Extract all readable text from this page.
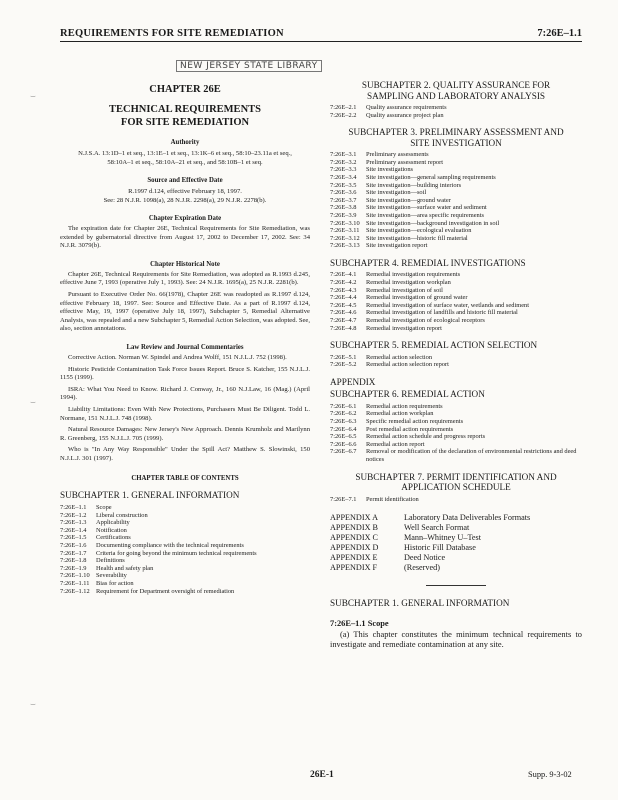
REQUIREMENTS FOR SITE REMEDIATION	7:26E–1.1
NEW JERSEY STATE LIBRARY
⌣
⌣
⌣
CHAPTER 26E
TECHNICAL REQUIREMENTS
FOR SITE REMEDIATION
Authority
N.J.S.A. 13:1D–1 et seq., 13:1E–1 et seq., 13:1K–6 et seq., 58:10–23.11a et seq., 58:10A–1 et seq., 58:10A–21 et seq., and 58:10B–1 et seq.
Source and Effective Date
R.1997 d.124, effective February 18, 1997.
See: 28 N.J.R. 1098(a), 28 N.J.R. 2298(a), 29 N.J.R. 2278(b).
Chapter Expiration Date
The expiration date for Chapter 26E, Technical Requirements for Site Remediation, was extended by gubernatorial directive from August 17, 2002 to December 17, 2002. See: 34 N.J.R. 3079(b).
Chapter Historical Note
Chapter 26E, Technical Requirements for Site Remediation, was adopted as R.1993 d.245, effective June 7, 1993 (operative July 1, 1993). See: 24 N.J.R. 1695(a), 25 N.J.R. 2281(b).
Pursuant to Executive Order No. 66(1978), Chapter 26E was readopted as R.1997 d.124, effective February 18, 1997. See: Source and Effective Date. As a part of R.1997 d.124, effective May, 19, 1997 (operative July 18, 1997), Subchapter 5, Remedial Alternative Analysis, was repealed and a new Subchapter 5, Remedial Action Selection, was adopted. See, also, section annotations.
Law Review and Journal Commentaries
Corrective Action. Norman W. Spindel and Andrea Wolff, 151 N.J.L.J. 752 (1998).
Historic Pesticide Contamination Task Force Issues Report. Bruce S. Katcher, 155 N.J.L.J. 1155 (1999).
ISRA: What You Need to Know. Richard J. Conway, Jr., 160 N.J.Law, 16 (Mag.) (April 1994).
Liability Limitations: Even With New Protections, Purchasers Must Be Diligent. Todd L. Normane, 151 N.J.L.J. 748 (1998).
Natural Resource Damages: New Jersey's New Approach. Dennis Krumholz and Marilynn R. Greenberg, 155 N.J.L.J. 705 (1999).
Who is "In Any Way Responsible" Under the Spill Act? Matthew S. Slowinski, 150 N.J.L.J. 301 (1997).
CHAPTER TABLE OF CONTENTS
SUBCHAPTER 1. GENERAL INFORMATION
7:26E–1.1	Scope
7:26E–1.2	Liberal construction
7:26E–1.3	Applicability
7:26E–1.4	Notification
7:26E–1.5	Certifications
7:26E–1.6	Documenting compliance with the technical requirements
7:26E–1.7	Criteria for going beyond the minimum technical requirements
7:26E–1.8	Definitions
7:26E–1.9	Health and safety plan
7:26E–1.10 Severability
7:26E–1.11	Bias for action
7:26E–1.12 Requirement for Department oversight of remediation
SUBCHAPTER 2. QUALITY ASSURANCE FOR
SAMPLING AND LABORATORY ANALYSIS
7:26E–2.1	Quality assurance requirements
7:26E–2.2	Quality assurance project plan
SUBCHAPTER 3. PRELIMINARY ASSESSMENT AND
SITE INVESTIGATION
7:26E–3.1	Preliminary assessments
7:26E–3.2	Preliminary assessment report
7:26E–3.3	Site investigations
7:26E–3.4	Site investigation—general sampling requirements
7:26E–3.5	Site investigation—building interiors
7:26E–3.6	Site investigation—soil
7:26E–3.7	Site investigation—ground water
7:26E–3.8	Site investigation—surface water and sediment
7:26E–3.9	Site investigation—area specific requirements
7:26E–3.10 Site investigation—background investigation in soil
7:26E–3.11	Site investigation—ecological evaluation
7:26E–3.12 Site investigation—historic fill material
7:26E–3.13 Site investigation report
SUBCHAPTER 4. REMEDIAL INVESTIGATIONS
7:26E–4.1	Remedial investigation requirements
7:26E–4.2	Remedial investigation workplan
7:26E–4.3	Remedial investigation of soil
7:26E–4.4	Remedial investigation of ground water
7:26E–4.5	Remedial investigation of surface water, wetlands and sediment
7:26E–4.6	Remedial investigation of landfills and historic fill material
7:26E–4.7	Remedial investigation of ecological receptors
7:26E–4.8	Remedial investigation report
SUBCHAPTER 5. REMEDIAL ACTION SELECTION
7:26E–5.1	Remedial action selection
7:26E–5.2	Remedial action selection report
APPENDIX
SUBCHAPTER 6. REMEDIAL ACTION
7:26E–6.1	Remedial action requirements
7:26E–6.2	Remedial action workplan
7:26E–6.3	Specific remedial action requirements
7:26E–6.4	Post remedial action requirements
7:26E–6.5	Remedial action schedule and progress reports
7:26E–6.6	Remedial action report
7:26E–6.7	Removal or modification of the declaration of environmental restrictions and deed notices
SUBCHAPTER 7. PERMIT IDENTIFICATION AND
APPLICATION SCHEDULE
7:26E–7.1	Permit identification
APPENDIX A	Laboratory Data Deliverables Formats
APPENDIX B	Well Search Format
APPENDIX C	Mann–Whitney U–Test
APPENDIX D	Historic Fill Database
APPENDIX E	Deed Notice
APPENDIX F	(Reserved)
SUBCHAPTER 1. GENERAL INFORMATION
7:26E–1.1 Scope
(a) This chapter constitutes the minimum technical requirements to investigate and remediate contamination at any site.
26E-1	Supp. 9-3-02
